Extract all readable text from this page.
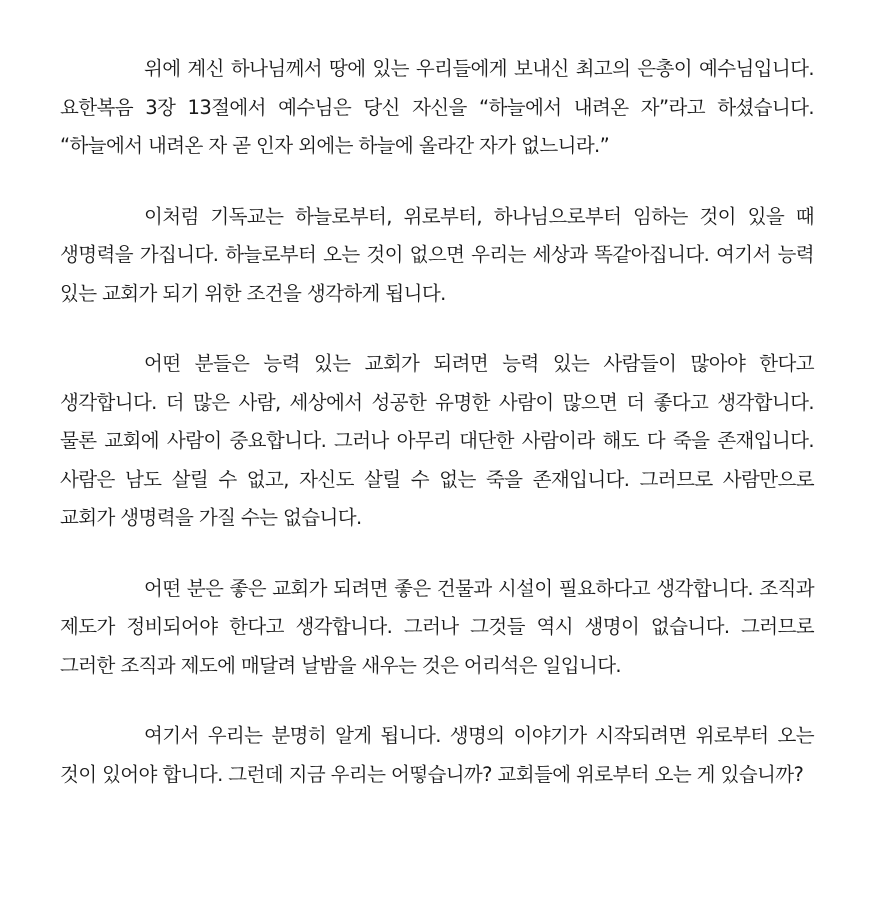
위에 계신 하나님께서 땅에 있는 우리들에게 보내신 최고의 은총이 예수님입니다. 요한복음 3장 13절에서 예수님은 당신 자신을 “하늘에서 내려온 자”라고 하셨습니다. “하늘에서 내려온 자 곧 인자 외에는 하늘에 올라간 자가 없느니라.”

이처럼 기독교는 하늘로부터, 위로부터, 하나님으로부터 임하는 것이 있을 때 생명력을 가집니다. 하늘로부터 오는 것이 없으면 우리는 세상과 똑같아집니다. 여기서 능력 있는 교회가 되기 위한 조건을 생각하게 됩니다.

어떤 분들은 능력 있는 교회가 되려면 능력 있는 사람들이 많아야 한다고 생각합니다. 더 많은 사람, 세상에서 성공한 유명한 사람이 많으면 더 좋다고 생각합니다. 물론 교회에 사람이 중요합니다. 그러나 아무리 대단한 사람이라 해도 다 죽을 존재입니다. 사람은 남도 살릴 수 없고, 자신도 살릴 수 없는 죽을 존재입니다. 그러므로 사람만으로 교회가 생명력을 가질 수는 없습니다.

어떤 분은 좋은 교회가 되려면 좋은 건물과 시설이 필요하다고 생각합니다. 조직과 제도가 정비되어야 한다고 생각합니다. 그러나 그것들 역시 생명이 없습니다. 그러므로 그러한 조직과 제도에 매달려 날밤을 새우는 것은 어리석은 일입니다.

여기서 우리는 분명히 알게 됩니다. 생명의 이야기가 시작되려면 위로부터 오는 것이 있어야 합니다. 그런데 지금 우리는 어떻습니까? 교회들에 위로부터 오는 게 있습니까?
